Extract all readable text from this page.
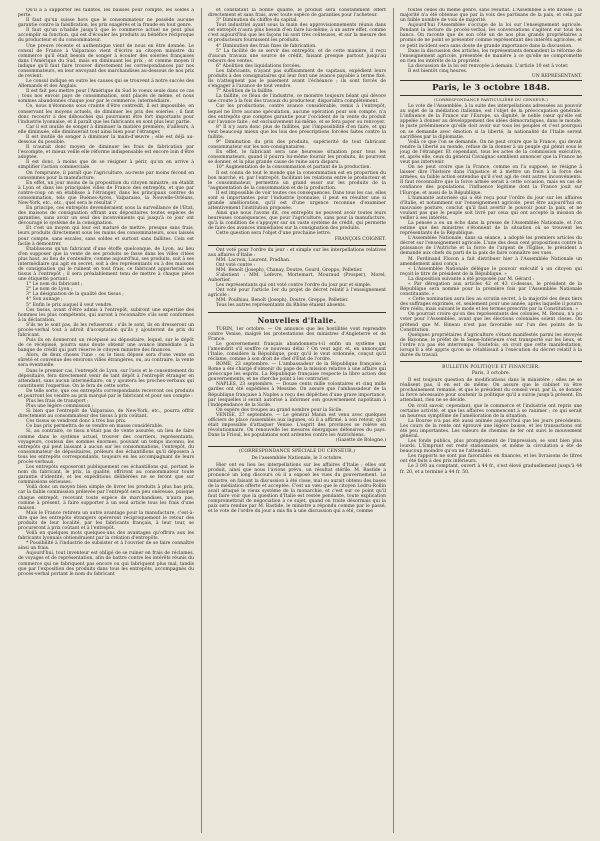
Qu'il a à supporter les faillites, les baisses pour compte, les soldes à perte.

Il faut qu'un suisse hors que le consommateur ne possède aucune garantie contre la falsification, les prix exagérés et la fraude en tout genre.

Il faut qu'un n'habile jusqu'à que le commerce actuel ne peut plus accomplir sa fonction, qui est d'écouler les produits au bénéfice réciproque du producteur et du consommateur.

Une preuve récente et authentique vient de nous en être donnée. Le consul de France à Valparaiso vient d'écrire au citoyen ministre du commerce qu'il était besoin de songer à écouler des soieries françaises dans l'Amérique du Sud, mais en diminuant les prix ; et comme moyen il indique qu'il faut faire trouver directement les correspondances par nos consommateurs, en leur envoyant des marchandises au-dessous de nos prix de revient.

Le consul indique en outre les causes qui se trouvent à notre succès des Allemands et des Anglais.

Il est fait peu mettre pour l'Amérique du Sud le voeux seule dans ce cas ; tous nos envois pays de consommation, sont placés de même, et nous sommes abandonnés chaque jour par le commerce, intermédiaire.

Ce, nous n'étonnons sous crainte d'être contredit, il est impossible, en conservant les moyens actuels, de diminuer les prix des soieries ; il faut donc recourir à des débouchés qui pourraient être fort importants pour l'industrie lyonnaise, et il paraît que les fabricants en sont plus leur partie.

Car il est inutile de songer à diminuer la matière première, d'ailleurs, à elle diminuée, elle diminuerait tout ainsi bien pour l'étranger.

Il est inutile de songer à diminuer la main-d'œuvre ; elle est déjà au-dessous du possible.

Il n'aurait donc moyen de diminuer les frais de fabrication par l'escompte, et mieux veille elle réforme indispensable est encore loin d'être adoptée.

Il est donc, à moins que de se résigner à périr, qu'on en arrive à simplifier l'action commerciale.

On l'emprunte, il paraît que l'agriculture, au-reste par moins fécond en consommes pour la manufacture.

En effet, un jour moins de la proposition du citoyen ministre, on établit à Lyon et dans les principales villes de France des entrepôts, et que par contre-coup on en établisse à l'étranger, dans les principaux centres de consommation, tels que Buénos-Ayres, Valparaiso, la Nouvelle-Orléans, New-York, etc., etc., quel sera le résultat ?

En principe, ces entrepôts devenderaient sous la surveillance de l'Etat, des maisons de consignation offrant aux dépositaires toutes espèces de garanties, sans avoir un seul des inconvénients qui jusqu'à ce jour ont découragé le système de la consignation.

Et c'est un moyen qui leur est maturé de mettre, presque sans frais, leurs produits directement sous les mains des consommateurs, sous laissés pour compte, sans escales, sans soldes et surtout sans faillites. Cela est facile à démontrer.

Établissons qu'un fabricant d'une étoffe quelconque, de Lyon, au lieu d'en supposer que la vente de ses produits se fasse dans les villes citées plus haut, au lieu de s'entendre, comme aujourd'hui, ses produits, soit à ses intermédiaire qui agit en secret, soit à des représentants ou à des maisons de consignation qui le ruinent en tout frais, ce fabricant apporterait ses tissus à l'entrepôt ; il sera préalablement tenu de mettre à chaque pièce une étiquette portant :

1° Le nom du fabricant ;

2° Le nom de Lyon ;

3° La désignation de la qualité des tissus ;

4° Son aunage ;

5° Enfin le prix auquel il veut vendre.

Ces tissus, avant d'être admis à l'entrepôt, subiront une expertise des hommes les plus compétents, qui auront à reconnaître s'ils sont conformes à la déclaration.

S'ils ne le sont pas, ils les refuseront ; s'ils le sont, ils en dresseront un procès-verbal tout à adroit d'acceptation qu'ils y ajouteront de prix du fabricant.

Puis ils en donneront un récépissé au dépositaire, lequel, sur le dépôt de ce récépissé, pourra sans doute obtenir une avance immédiate à la banque de crédit qui part réserve le citoyen ministre des finances.

Alors, de deux choses l'une : ou le tissu déposé sera d'une vente en sûreté et convenue des environs villes étrangères, ou, au contraire, la vente sera éventuelle.

Dans le premier cas, l'entrepôt de Lyon, sur l'avis et le consentement du dépositaire, fera directement venir de tant dépôt à l'entrepôt étranger en attendant, sans aucun intermédiaire, on y ajoutera les proches-verbaux qui constituent l'expertise. On le fera de cette sorte.

De telle sorte, que ces entrepôts correspondants recevront ces produits et pourront les vendre au prix marqué par le fabricant et pour son compte :

Plus les frais de transport ;

Plus une légère commission ;

Si bien que l'entrepôt de Valparaiso, de New-York, etc., pourra offrir directement au consommateur des tissus à prix coûtant.

Ces tissus se vendront donc à très bas prix.

Ce bas prix permettra de se vendre en masse considérable.

Si, au contraire, ce tissu n'était pas de vente assurée, un lieu de faire comme dans le système actuel, trouver des courtiers, représentants, voyageurs, couteux des sommes énormes, pouvant un temps inconnu, les entrepôts qui peut laissant à aucun sur les consommations, l'entrepôt, du consommateur de dépositaires, préleurs des échantillons qu'il déposera à tous les entrepôts correspondants, toujours en les accompagnant de leurs procès-verbaux.

Les entrepôts exposeront publiquement ces échantillons qui, portant le nom du fabricant, le prix, la qualité, offriront au consommateur toute garantie d'identité, et les expéditions délibérées ne se feront que sur commissions sérieuses.

Voilà donc un moyen bien simple de livrer les produits à plus bas prix, car la faible commission prélevée par l'entrepôt sera peu onéreuse, puisque chaque entrepôt, recevant toute espèce de marchandises, n'aura pas, comme à présent, à faire supporter à un seul article tous les frais d'une maison.

Mais le France retirera un autre avantage pour la manufacture, c'est-à-dire que les entrepôts étrangers opéreront réciproquement le retour des produits de leur localité, par les fabricants français, à leur tour, se procureront à prix coûtant et à l'entrepôt.

Voilà en quelques mots quelques-uns des avantages qu'offrira aux les fabricants lyonnais obtiendraient par la création d'entrepôts.

* Possibilité à l'industrie de subsister et à l'ouvrier de se faire connaître ainsi un frais.

Aujourd'hui, tout inventeur est obligé de se ruiner en frais de réclames, de voyages et de représentation, afin de battre contre les intérêts réunis du commerce qui ne fabriquent pas encore ou qui fabriquent plus mal, tandis que par l'exposition des produits dans tous les entrepôts, accompagnés du procès-verbal portant le nom du fabricant

et constatant la bonne qualité, le produit sera constamment offert directement et sans frais, avec toute espèce de garanties pour l'acheteur.

3° Diminution du chiffre du capital.

Tout industriel ayant sous la main des approvisionnements réunis dans cet entrepôt n'aura plus besoin d'en faire lui-même, à un autre effet, comme c'est aujourd'hui que les façons lui sont très coûteuses, et sur la mesure des et producteurs fournissent les produits.

4° Diminution des frais fixes de fabrication.

5° La facilité de se servir des entrepôts, et de cette manière, il reçu d'aucun travaux une source de crédit, faisant presque partout jusqu'au rebours des ventes.

6° Abolition des liquidations forcées.

Les fabricants, n'ayant pas suffisamment de capitaux, expédient leurs produits à des consignataires qui leur font une avance payable à terme fixé. Ils n'atteignent pas le paiement avant l'échéance ; ils sont forcés de s'engager à l'avance de tout vendre.

7° Abolition de la faillite.

La faillite, ce fléau de l'industrie, ce monstre toujours béant qui dévore une croute à la fois des travaux du producteur, disparaîtra complètement.

Car les productions, contre avance considérable, remis à l'entrepôt, lequel ne livre aucune spéculation, aucune opération pour son compte, n'a des entrepôts que comptes garantie pour l'occident de la vente du produit sur l'avance faite ; est exclusivement lui-même, et se fera payer ou renvoyer.

8° Il n'y aura donc plus de faillites, par l'impossibilité d'en faire, et qui veut beaucoup mieux que les lois des prescriptions forcées faites contre la faillite.

9° Diminution du prix des produits, supériorité de tout fabricant consommateur sur les non-consignataires.

En effet, le fabricant sera une heureuse situation pour tous les consommateurs, quand il pourra lui-même fournir les produits, ils pourront se donner, et la plus grande cause de ruine aura disparu.

10° Augmentation de la consommation et partant de la production.

Il est connu de tout le monde que la consommation est en proportion du bon marché, et, par l'entrepôt, facilitant les relations entre le producteur et le consommateur, permettra un grand essor sur les produits de la "augmentation de la consommation et de la production.

Il est impossible de voir toutes ces conséquences. Dans tous les cas, elles sont si importantes pour l'industrie lyonnaise, il peut en résulter une si grande amélioration, qu'il est d'une urgence reconnue d'examiner attentivement l'institution proposée.

Ainsi que nous l'avons dit, ces entrepôts ne peuvent avoir toutes leurs heureuses conséquences, que pour l'agriculture, sans pour la manufacture, qu'à la condition de s'appuyer sur un vaste système de crédit, qui permette de faire des avances immédiates sur la consignation des produits.

Cette question sera l'objet d'une prochaine lettre.

FRANÇOIS COIGNET.

Ont voté pour l'ordre du jour : et simple sur les interpellations relatives aux affaires d'Italie :

MM. Lacroix, Laurent, Pradhan.

Ont voté contre :

MM. Benoît (Joseph), Chanay, Doutre, Gourd, Greppo, Pelletier.

S'abstient : MM. Lefevre, Mortemart, Mouraud (Prosper), Morel, Aubertier.

Les représentants qui ont voté contre l'ordre du jour pur et simple.

Ont voté pour l'article 1er du projet de décret relatif à l'enseignement agricole :

MM. Poulhiau, Benoît (Joseph), Doutre, Greppo, Pelletier.

Tous les autres représentants du Rhône étaient absents.

Nouvelles d'Italie.

TURIN, 1er octobre. — On annonce que les hostilités vont reprendre contre Venise, malgré les protestations des ministres d'Angleterre et de France.

Le gouvernement français abandonnera-t-il enfin un système qui l'amoindrit s'il souffre ce nouveau délai ? On veut agir, et, en annonçant l'Italie, considère la République, pour qu'il le veut ordonnée, conçut qu'il réclame, comme à son droit de chef d'État de l'ordre.

ROME, 23 septembre. — L'ambassadeur de la République française à Rome a été chargé d'obtenir du pape de la mission relative à une affaire qui préoccupe les esprits. La République française respecte la libre action des gouvernements, et ne cherche point à les contrarier.

NAPLES, 23 septembre. — Douze cents mille volontaires et cinq mille gardes ont été expédiées à Messine. On assure que l'ambassadeur de la République française à Naples a reçu des dépêches d'une grave importance, par lesquelles il serait autorisé à informer son gouvernement napolitain à l'indépendance de la Sicile.

On espère des troupes au grand nombre pour la Sicile.

VENISE, 27 septembre. — Le général Manin est venu avec quelques officiers de place rassemblés aux lagunes, où il a affirmé, à son retour, qu'il était impossible d'attaquer Venise. L'esprit des provinces se relève en révolutionnaire. On renouvelle les mesures énergiques défensives du pays. Dans la Frioul, les populations sont ardentes contre les Autrichiens.

(Gazette de Bologne.)

(CORRESPONDANCE SPÉCIALE DU CENSEUR.)
De l'assemblée Nationale, le 3 octobre.

Hier ont eu lieu les interpellations sur les affaires d'Italie ; elles ont produit, ainsi que nous l'avions prévu, un résultat stérile. M. Bastide a prononcé un long discours où il a exposé les vues du gouvernement. Le ministre, en faisant la discussion à été close, mal ou aurait obtenu des bases de la médiation offerte et acceptée. C'est un vœu que le citoyen Ledru-Rollin avait attaqué le vieux système de la monarchie, et c'est sur ce point qu'il faut faire voir que la question d'Italie est restée pendante, toute explication compromettrait de négociation à ce sujet, quand on traite désormais qui la paix sera rendue par M. Bastide, le ministre a répondu comme par le passé, et le vote de l'ordre du jour a mis fin à une discussion qui a été, comme

toutes celles du même genre, sans résultat. L'Assemblée a été divisée ; la majorité n'a été obtenue que par la voix des partisans de la paix, et cela par un faible nombre de voix de majorité.

Aujourd'hui l'Assemblée s'occupe de la loi sur l'enseignement agricole. Pendant la lecture du procès-verbal, les conversations s'agitent sur tous les bancs. On raconte que de son côté un de nos plus grands propriétaires a promis de ne point se présenter comme représentant des intérêts agricoles, et ce petit incident sera sans doute de grande importance dans la discussion.

Dans la discussion des articles, les représentants demandent la réforme de l'enseignement agricole, présentée de manière à ce qu'elle ne compromette en rien les intérêts de la propriété.

La discussion de la loi est renvoyée à demain. L'article 10 est à voter.

Il est bientôt cinq heures.

UN REPRÉSENTANT.

Paris, le 3 octobre 1848.
(CORRESPONDANCE PARTICULIÈRE DU CENSEUR.)

Le vote de l'Assemblée, à la suite des interpellations adressées au pouvoir au sujet de la médiation italienne, est l'objet de la préoccupation générale. L'influence de la France sur l'Europe, sa dignité, le noble cœur qu'elle est appelée à donner au développement des idées démocratiques, dans le monde, le juste prééminence qu'elle doit avoir sur tous les peuples et c'est pourquoi on se demande avec émotion si la liberté, la nationalité de l'Italie seront sacrifiées par la diplomatie.

Voilà ce que l'on se demande. On ne peut croire que la France, qui devait rendre la liberté au monde, refuse de la donner à un peuple qui gémit sous le joug de l'étranger. Et cependant, tous les actes de la commission exécutive, et, après elle, ceux du général Cavaignac semblent annoncer que la France ne veut pas intervenir.

On ne peut croire que la France, comme on l'a supposé, se résigne à laisser dire l'histoire dans l'injustice et à mettre un frein à la force des armées, sa faible action entendue qu'il s'est agi de cent autres inconvénients. Il faut reconnaître que la force armée serait à cette occasion, mais en cas de confiance des populations, l'influence légitime dont la France jouit sur l'Europe, et aussi de la République.

L'humanité autorisée qui a été reçu pour l'ordre du jour sur les affaires d'Italie, et notamment sur l'enseignement agricole, peut être aujourd'hui en mauvaise posture, conclut qu'il faut avertir le pouvoir pour la paix, et ne voulant pas que le peuple soit livré par ceux qui ont accepté la mission de veiller à ses intérêts.

La pensée a eu un écho dans la presse de l'Assemblée Nationale, et l'on estime que des ministres s'étonnent de la situation où se trouvent les représentants de la République.

L'Assemblée Nationale, dans sa séance, a adopté les premiers articles du décret sur l'enseignement agricole. L'une des deux cent propositions contre la puissance de l'Autriche et la force de l'argent de l'Église, le président a demandé aux chefs du parti de la paix de faire connaître ses vues.

M. Ferdinand Flocon a fait distribuer hier à l'Assemblée Nationale un amendement ainsi conçu :

« L'Assemblée Nationale délègue le pouvoir exécutif à un citoyen qui reçoit le titre de président de la République. »

La disposition suivante a été proposée par M. Gérard :

« Par dérogation aux articles 42 et 43 ci-dessus, le président de la République sera nommé pour la première fois par l'Assemblée Nationale constituante. »

« Cette nomination aura lieu au scrutin secret, à la majorité des deux tiers des suffrages exprimés, et, seulement pour une année, après laquelle il pourra être réélu, mais suivant le mode et les termes prescrits par la Constitution. »

On pourrait croire qu'on des représentants des colonies, M. Renou, n'a pu voter pour l'Assemblée, avant que les élections coloniales soient closes. On prétend que M. Bineau n'est pas favorable sur l'un des points de la Constitution.

Quelques propriétaires d'agriculture s'étant manifestés parmi les envoyés de Bayonne, le préfet de la Seine-Inférieure s'est transporté sur les lieux, et l'ordre n'a pas été interrompu. Toutefois, on croit que cette manifestation, lorsqu'il a été appris qu'on se rétablissait à l'exécution du décret relatif à la durée du travail.

BULLETIN POLITIQUE ET FINANCIER.
Paris, 3 octobre.

Il est toujours question de modifications dans le ministère ; elles ne se réalisent pas, il en est de même. On assure que le cabinet va être prochainement remanié, et que le président du conseil veut, par là, se donner la force nécessaire pour soutenir la politique qu'il a suivie jusqu'à présent. En attendant, rien ne se décide.

On croit savoir, cependant, que le commerce et l'industrie ont repris une certaine activité, et que les affaires commencent à se ranimer ; ce qui serait un heureux symptôme de l'amélioration de la situation.

La Bourse n'a pas été aussi animée aujourd'hui que les jours précédents. Les cours de la rente ont éprouvé une légère baisse, et les transactions ont été peu importantes. Les valeurs de chemins de fer ont suivi le mouvement général.

Les fonds publics, plus promptement de l'impression, se sont bien plus lourds. L'Emprunt est resté stationnaire, et même la circulation a été de beaucoup moindre qu'on ne l'attendait.

Les rapports ne sont pas favorables en finances, et les livraisons de titres ont été faits à des prix inférieurs.

Le 3 0/0 au comptant, ouvert à 44 fr., s'est élevé graduellement jusqu'à 44 fr. 20, et a terminé à 44 fr. 50.
